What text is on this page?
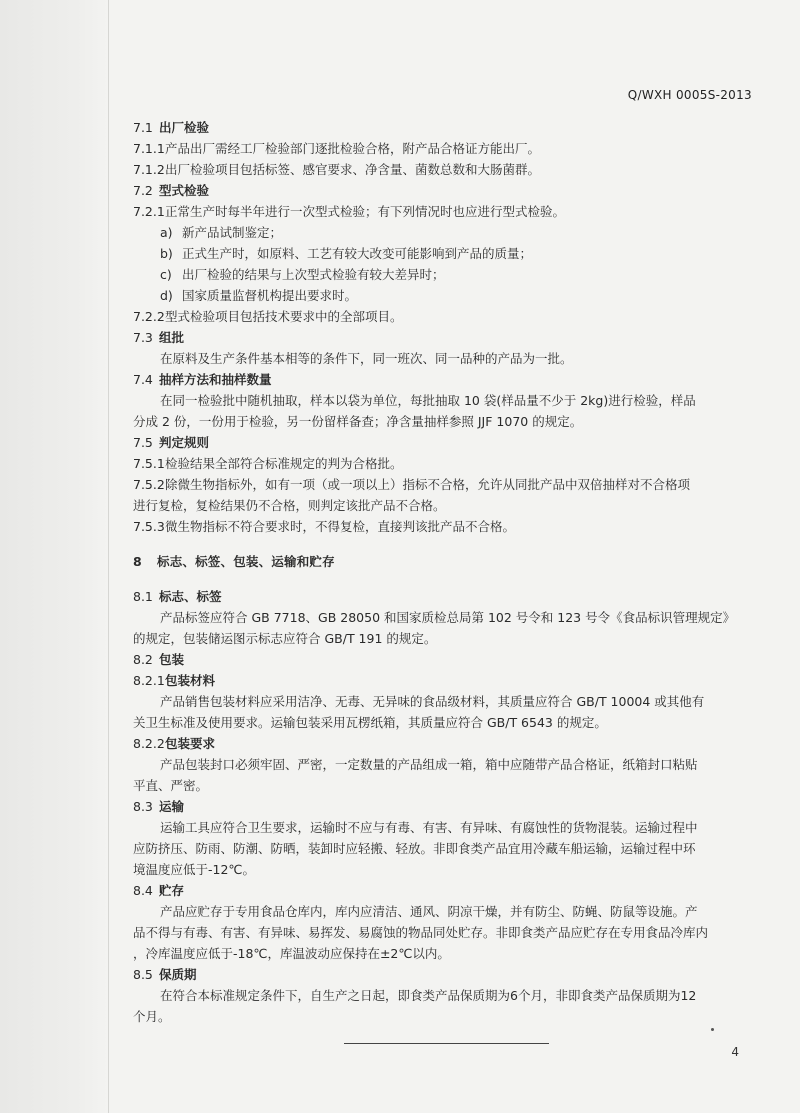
Q/WXH 0005S-2013
7.1 出厂检验
7.1.1产品出厂需经工厂检验部门逐批检验合格，附产品合格证方能出厂。
7.1.2出厂检验项目包括标签、感官要求、净含量、菌数总数和大肠菌群。
7.2 型式检验
7.2.1正常生产时每半年进行一次型式检验；有下列情况时也应进行型式检验。
a) 新产品试制鉴定；
b) 正式生产时，如原料、工艺有较大改变可能影响到产品的质量；
c) 出厂检验的结果与上次型式检验有较大差异时；
d) 国家质量监督机构提出要求时。
7.2.2型式检验项目包括技术要求中的全部项目。
7.3 组批
在原料及生产条件基本相等的条件下，同一班次、同一品种的产品为一批。
7.4 抽样方法和抽样数量
在同一检验批中随机抽取，样本以袋为单位，每批抽取 10 袋(样品量不少于 2kg)进行检验，样品
分成 2 份，一份用于检验，另一份留样备查；净含量抽样参照 JJF 1070 的规定。
7.5 判定规则
7.5.1检验结果全部符合标准规定的判为合格批。
7.5.2除微生物指标外，如有一项（或一项以上）指标不合格，允许从同批产品中双倍抽样对不合格项
进行复检，复检结果仍不合格，则判定该批产品不合格。
7.5.3微生物指标不符合要求时，不得复检，直接判该批产品不合格。
8 标志、标签、包装、运输和贮存
8.1 标志、标签
产品标签应符合 GB 7718、GB 28050 和国家质检总局第 102 号令和 123 号令《食品标识管理规定》
的规定，包装储运图示标志应符合 GB/T 191 的规定。
8.2 包装
8.2.1包装材料
产品销售包装材料应采用洁净、无毒、无异味的食品级材料，其质量应符合 GB/T 10004 或其他有
关卫生标准及使用要求。运输包装采用瓦楞纸箱，其质量应符合 GB/T 6543 的规定。
8.2.2包装要求
产品包装封口必须牢固、严密，一定数量的产品组成一箱，箱中应随带产品合格证，纸箱封口粘贴
平直、严密。
8.3 运输
运输工具应符合卫生要求，运输时不应与有毒、有害、有异味、有腐蚀性的货物混装。运输过程中
应防挤压、防雨、防潮、防晒，装卸时应轻搬、轻放。非即食类产品宜用冷藏车船运输，运输过程中环
境温度应低于-12℃。
8.4 贮存
产品应贮存于专用食品仓库内，库内应清洁、通风、阴凉干燥，并有防尘、防蝇、防鼠等设施。产
品不得与有毒、有害、有异味、易挥发、易腐蚀的物品同处贮存。非即食类产品应贮存在专用食品冷库内
，冷库温度应低于-18℃，库温波动应保持在±2℃以内。
8.5 保质期
在符合本标准规定条件下，自生产之日起，即食类产品保质期为6个月，非即食类产品保质期为12
个月。
4
